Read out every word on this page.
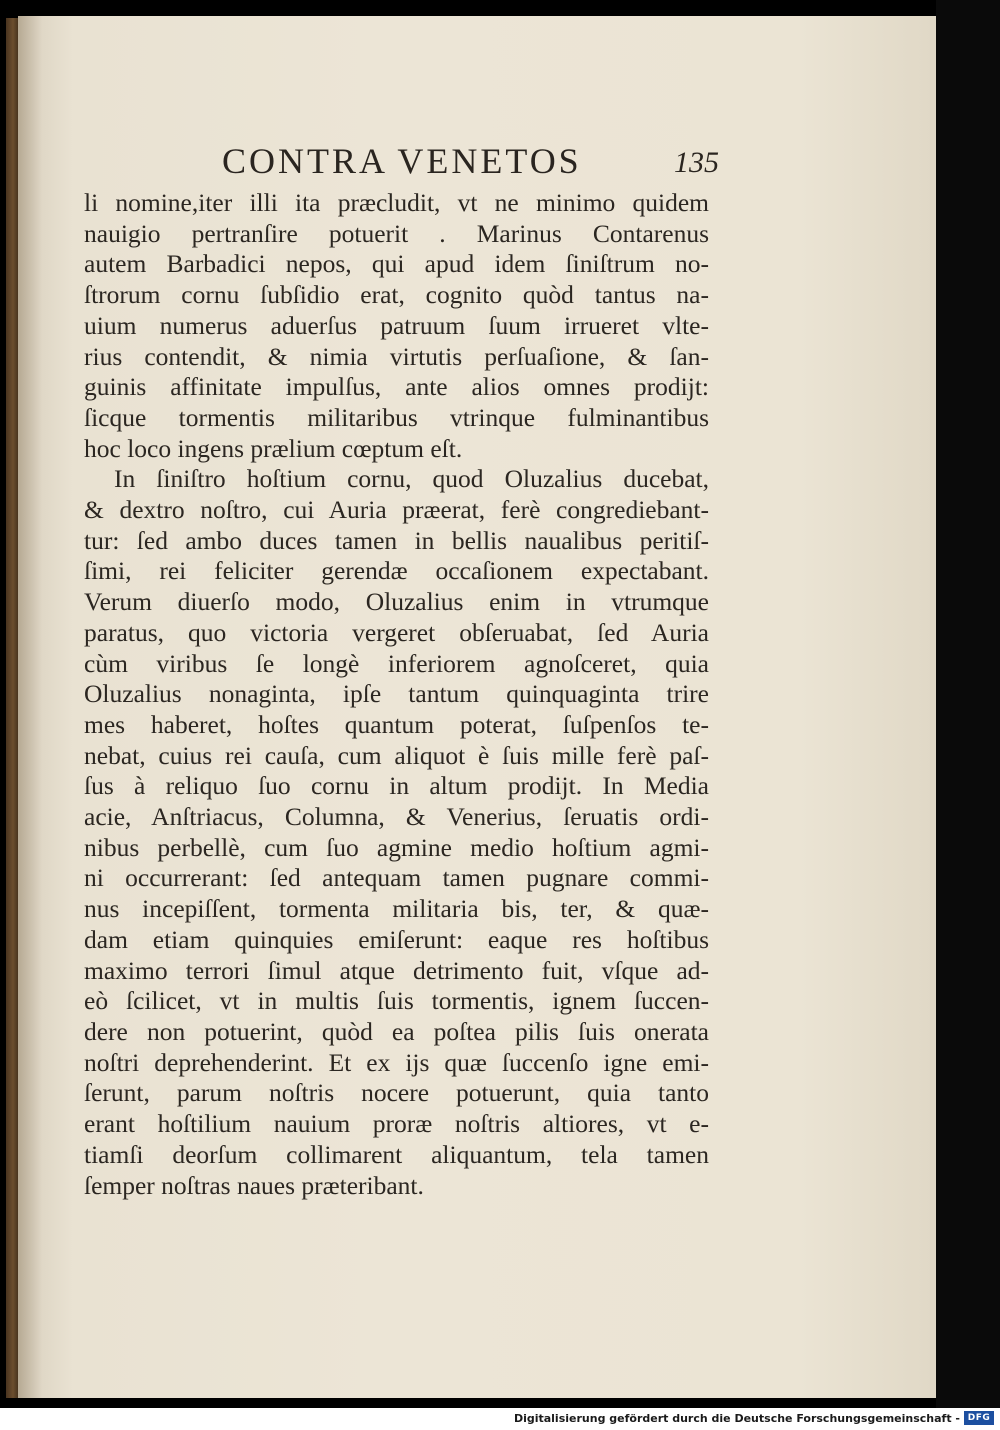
CONTRA VENETOS	135
li nomine,iter illi ita præcludit, vt ne minimo quidem
nauigio pertranſire potuerit . Marinus Contarenus
autem Barbadici nepos, qui apud idem ſiniſtrum no-
ſtrorum cornu ſubſidio erat, cognito quòd tantus na-
uium numerus aduerſus patruum ſuum irrueret vlte-
rius contendit, & nimia virtutis perſuaſione, & ſan-
guinis affinitate impulſus, ante alios omnes prodijt:
ſicque tormentis militaribus vtrinque fulminantibus
hoc loco ingens prælium cœptum eſt.
In ſiniſtro hoſtium cornu, quod Oluzalius ducebat,
& dextro noſtro, cui Auria præerat, ferè congrediebant-
tur: ſed ambo duces tamen in bellis naualibus peritiſ-
ſimi, rei feliciter gerendæ occaſionem expectabant.
Verum diuerſo modo, Oluzalius enim in vtrumque
paratus, quo victoria vergeret obſeruabat, ſed Auria
cùm viribus ſe longè inferiorem agnoſceret, quia
Oluzalius nonaginta, ipſe tantum quinquaginta trire
mes haberet, hoſtes quantum poterat, ſuſpenſos te-
nebat, cuius rei cauſa, cum aliquot è ſuis mille ferè paſ-
ſus à reliquo ſuo cornu in altum prodijt. In Media
acie, Anſtriacus, Columna, & Venerius, ſeruatis ordi-
nibus perbellè, cum ſuo agmine medio hoſtium agmi-
ni occurrerant: ſed antequam tamen pugnare commi-
nus incepiſſent, tormenta militaria bis, ter, & quæ-
dam etiam quinquies emiſerunt: eaque res hoſtibus
maximo terrori ſimul atque detrimento fuit, vſque ad-
eò ſcilicet, vt in multis ſuis tormentis, ignem ſuccen-
dere non potuerint, quòd ea poſtea pilis ſuis onerata
noſtri deprehenderint. Et ex ijs quæ ſuccenſo igne emi-
ſerunt, parum noſtris nocere potuerunt, quia tanto
erant hoſtilium nauium proræ noſtris altiores, vt e-
tiamſi deorſum collimarent aliquantum, tela tamen
ſemper noſtras naues præteribant.
Digitalisierung gefördert durch die Deutsche Forschungsgemeinschaft - DFG
